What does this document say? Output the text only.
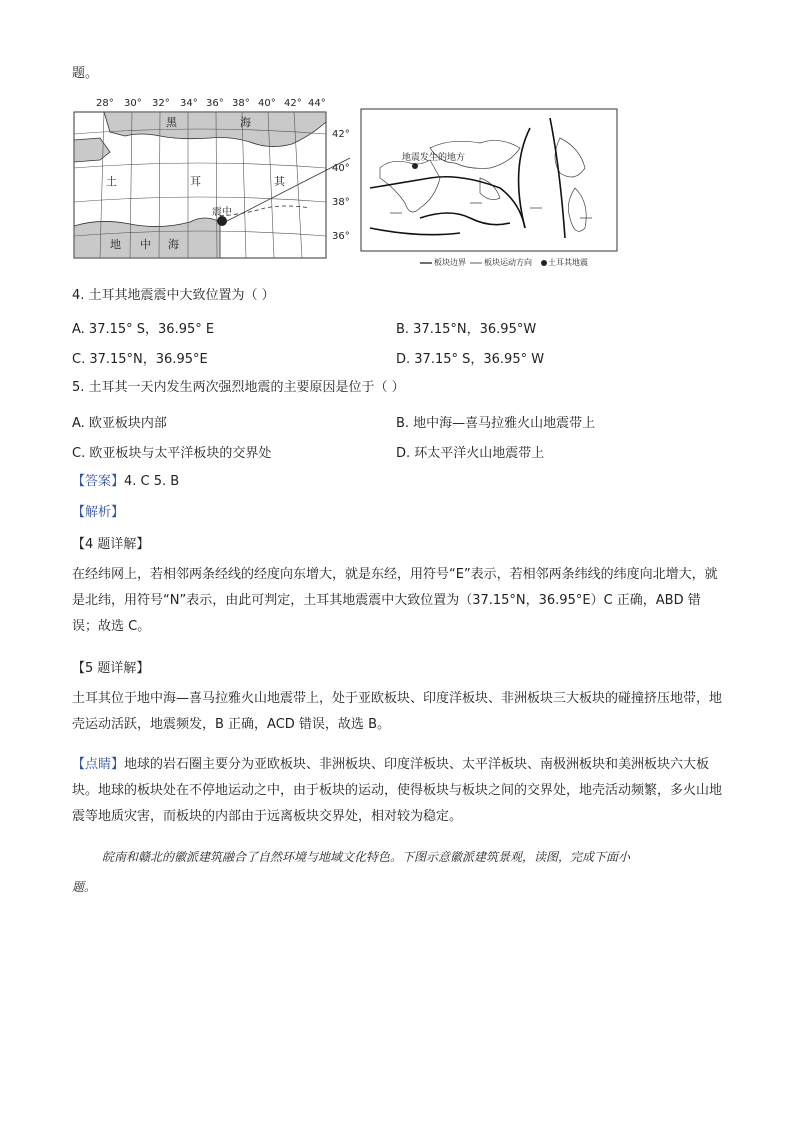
题。
28° 30° 32° 34° 36° 38° 40° 42° 44°
42°
40°
38°
36°
黑	海
土	耳	其
地 中 海
震中
地震发生的地方
板块边界 板块运动方向 土耳其地震
4. 土耳其地震震中大致位置为（ ）
A. 37.15° S，36.95° E	B. 37.15°N，36.95°W
C. 37.15°N，36.95°E	D. 37.15° S，36.95° W
5. 土耳其一天内发生两次强烈地震的主要原因是位于（ ）
A. 欧亚板块内部	B. 地中海—喜马拉雅火山地震带上
C. 欧亚板块与太平洋板块的交界处	D. 环太平洋火山地震带上
【答案】4. C 5. B
【解析】
【4 题详解】
在经纬网上，若相邻两条经线的经度向东增大，就是东经，用符号“E”表示，若相邻两条纬线的纬度向北增大，就是北纬，用符号“N”表示，由此可判定，土耳其地震震中大致位置为（37.15°N，36.95°E）C 正确，ABD 错误；故选 C。
【5 题详解】
土耳其位于地中海—喜马拉雅火山地震带上，处于亚欧板块、印度洋板块、非洲板块三大板块的碰撞挤压地带，地壳运动活跃，地震频发，B 正确，ACD 错误，故选 B。
【点睛】地球的岩石圈主要分为亚欧板块、非洲板块、印度洋板块、太平洋板块、南极洲板块和美洲板块六大板块。地球的板块处在不停地运动之中，由于板块的运动，使得板块与板块之间的交界处，地壳活动频繁，多火山地震等地质灾害，而板块的内部由于远离板块交界处，相对较为稳定。
皖南和赣北的徽派建筑融合了自然环境与地域文化特色。下图示意徽派建筑景观，读图，完成下面小
题。
